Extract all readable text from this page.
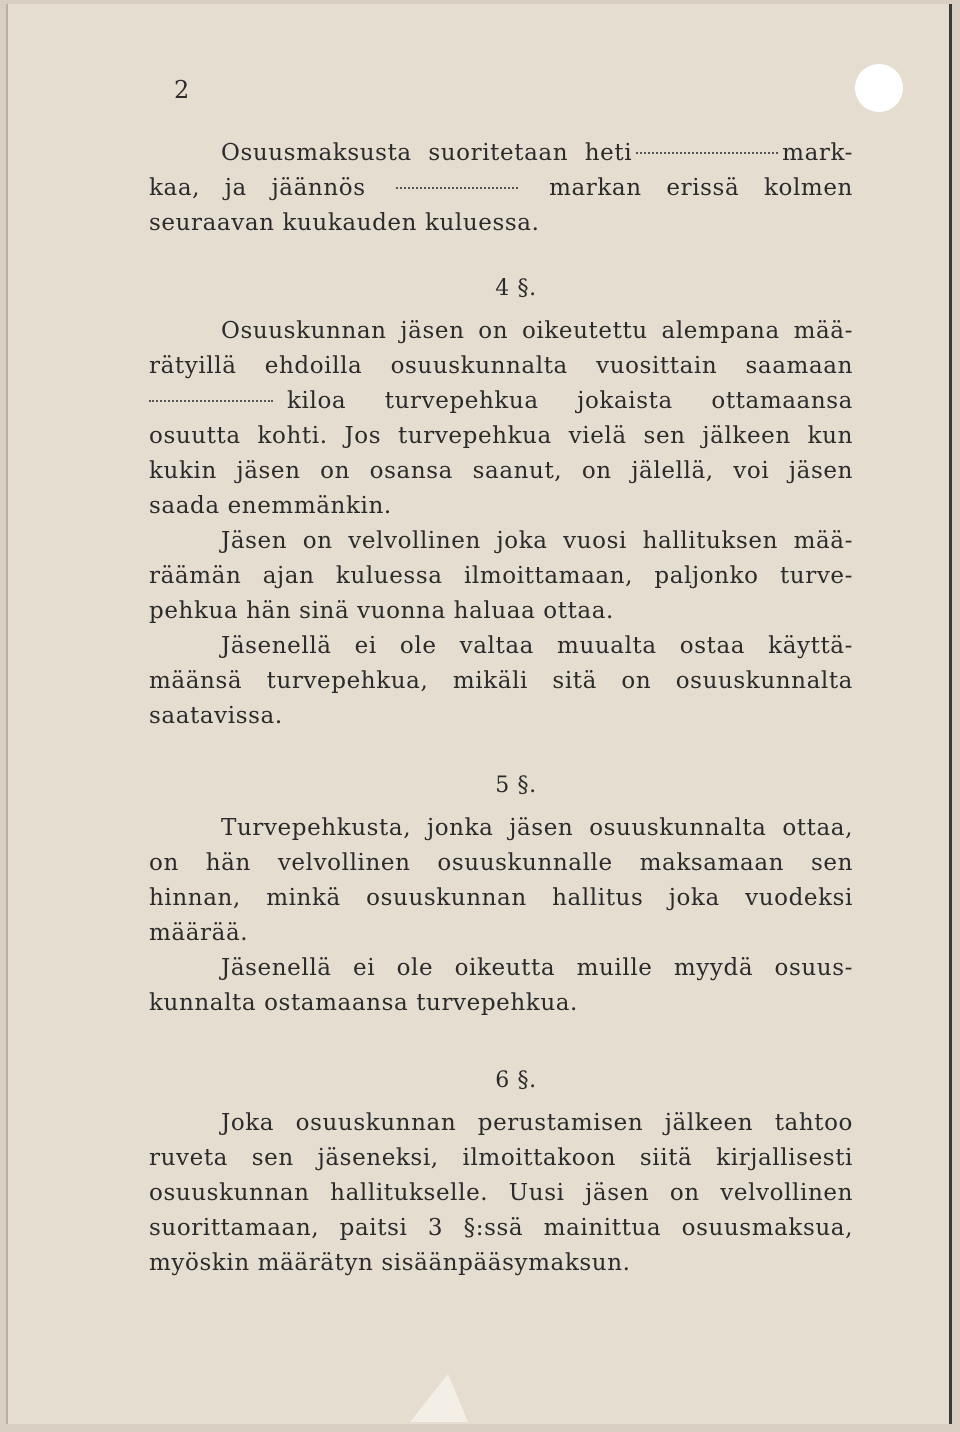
2
Osuusmaksusta suoritetaan heti	mark-
kaa, ja jäännös	markan erissä kolmen
seuraavan kuukauden kuluessa.
4 §.
Osuuskunnan jäsen on oikeutettu alempana mää-
rätyillä ehdoilla osuuskunnalta vuosittain saamaan
kiloa turvepehkua jokaista ottamaansa
osuutta kohti. Jos turvepehkua vielä sen jälkeen kun
kukin jäsen on osansa saanut, on jälellä, voi jäsen
saada enemmänkin.
Jäsen on velvollinen joka vuosi hallituksen mää-
räämän ajan kuluessa ilmoittamaan, paljonko turve-
pehkua hän sinä vuonna haluaa ottaa.
Jäsenellä ei ole valtaa muualta ostaa käyttä-
määnsä turvepehkua, mikäli sitä on osuuskunnalta
saatavissa.
5 §.
Turvepehkusta, jonka jäsen osuuskunnalta ottaa,
on hän velvollinen osuuskunnalle maksamaan sen
hinnan, minkä osuuskunnan hallitus joka vuodeksi
määrää.
Jäsenellä ei ole oikeutta muille myydä osuus-
kunnalta ostamaansa turvepehkua.
6 §.
Joka osuuskunnan perustamisen jälkeen tahtoo
ruveta sen jäseneksi, ilmoittakoon siitä kirjallisesti
osuuskunnan hallitukselle. Uusi jäsen on velvollinen
suorittamaan, paitsi 3 §:ssä mainittua osuusmaksua,
myöskin määrätyn sisäänpääsymaksun.
